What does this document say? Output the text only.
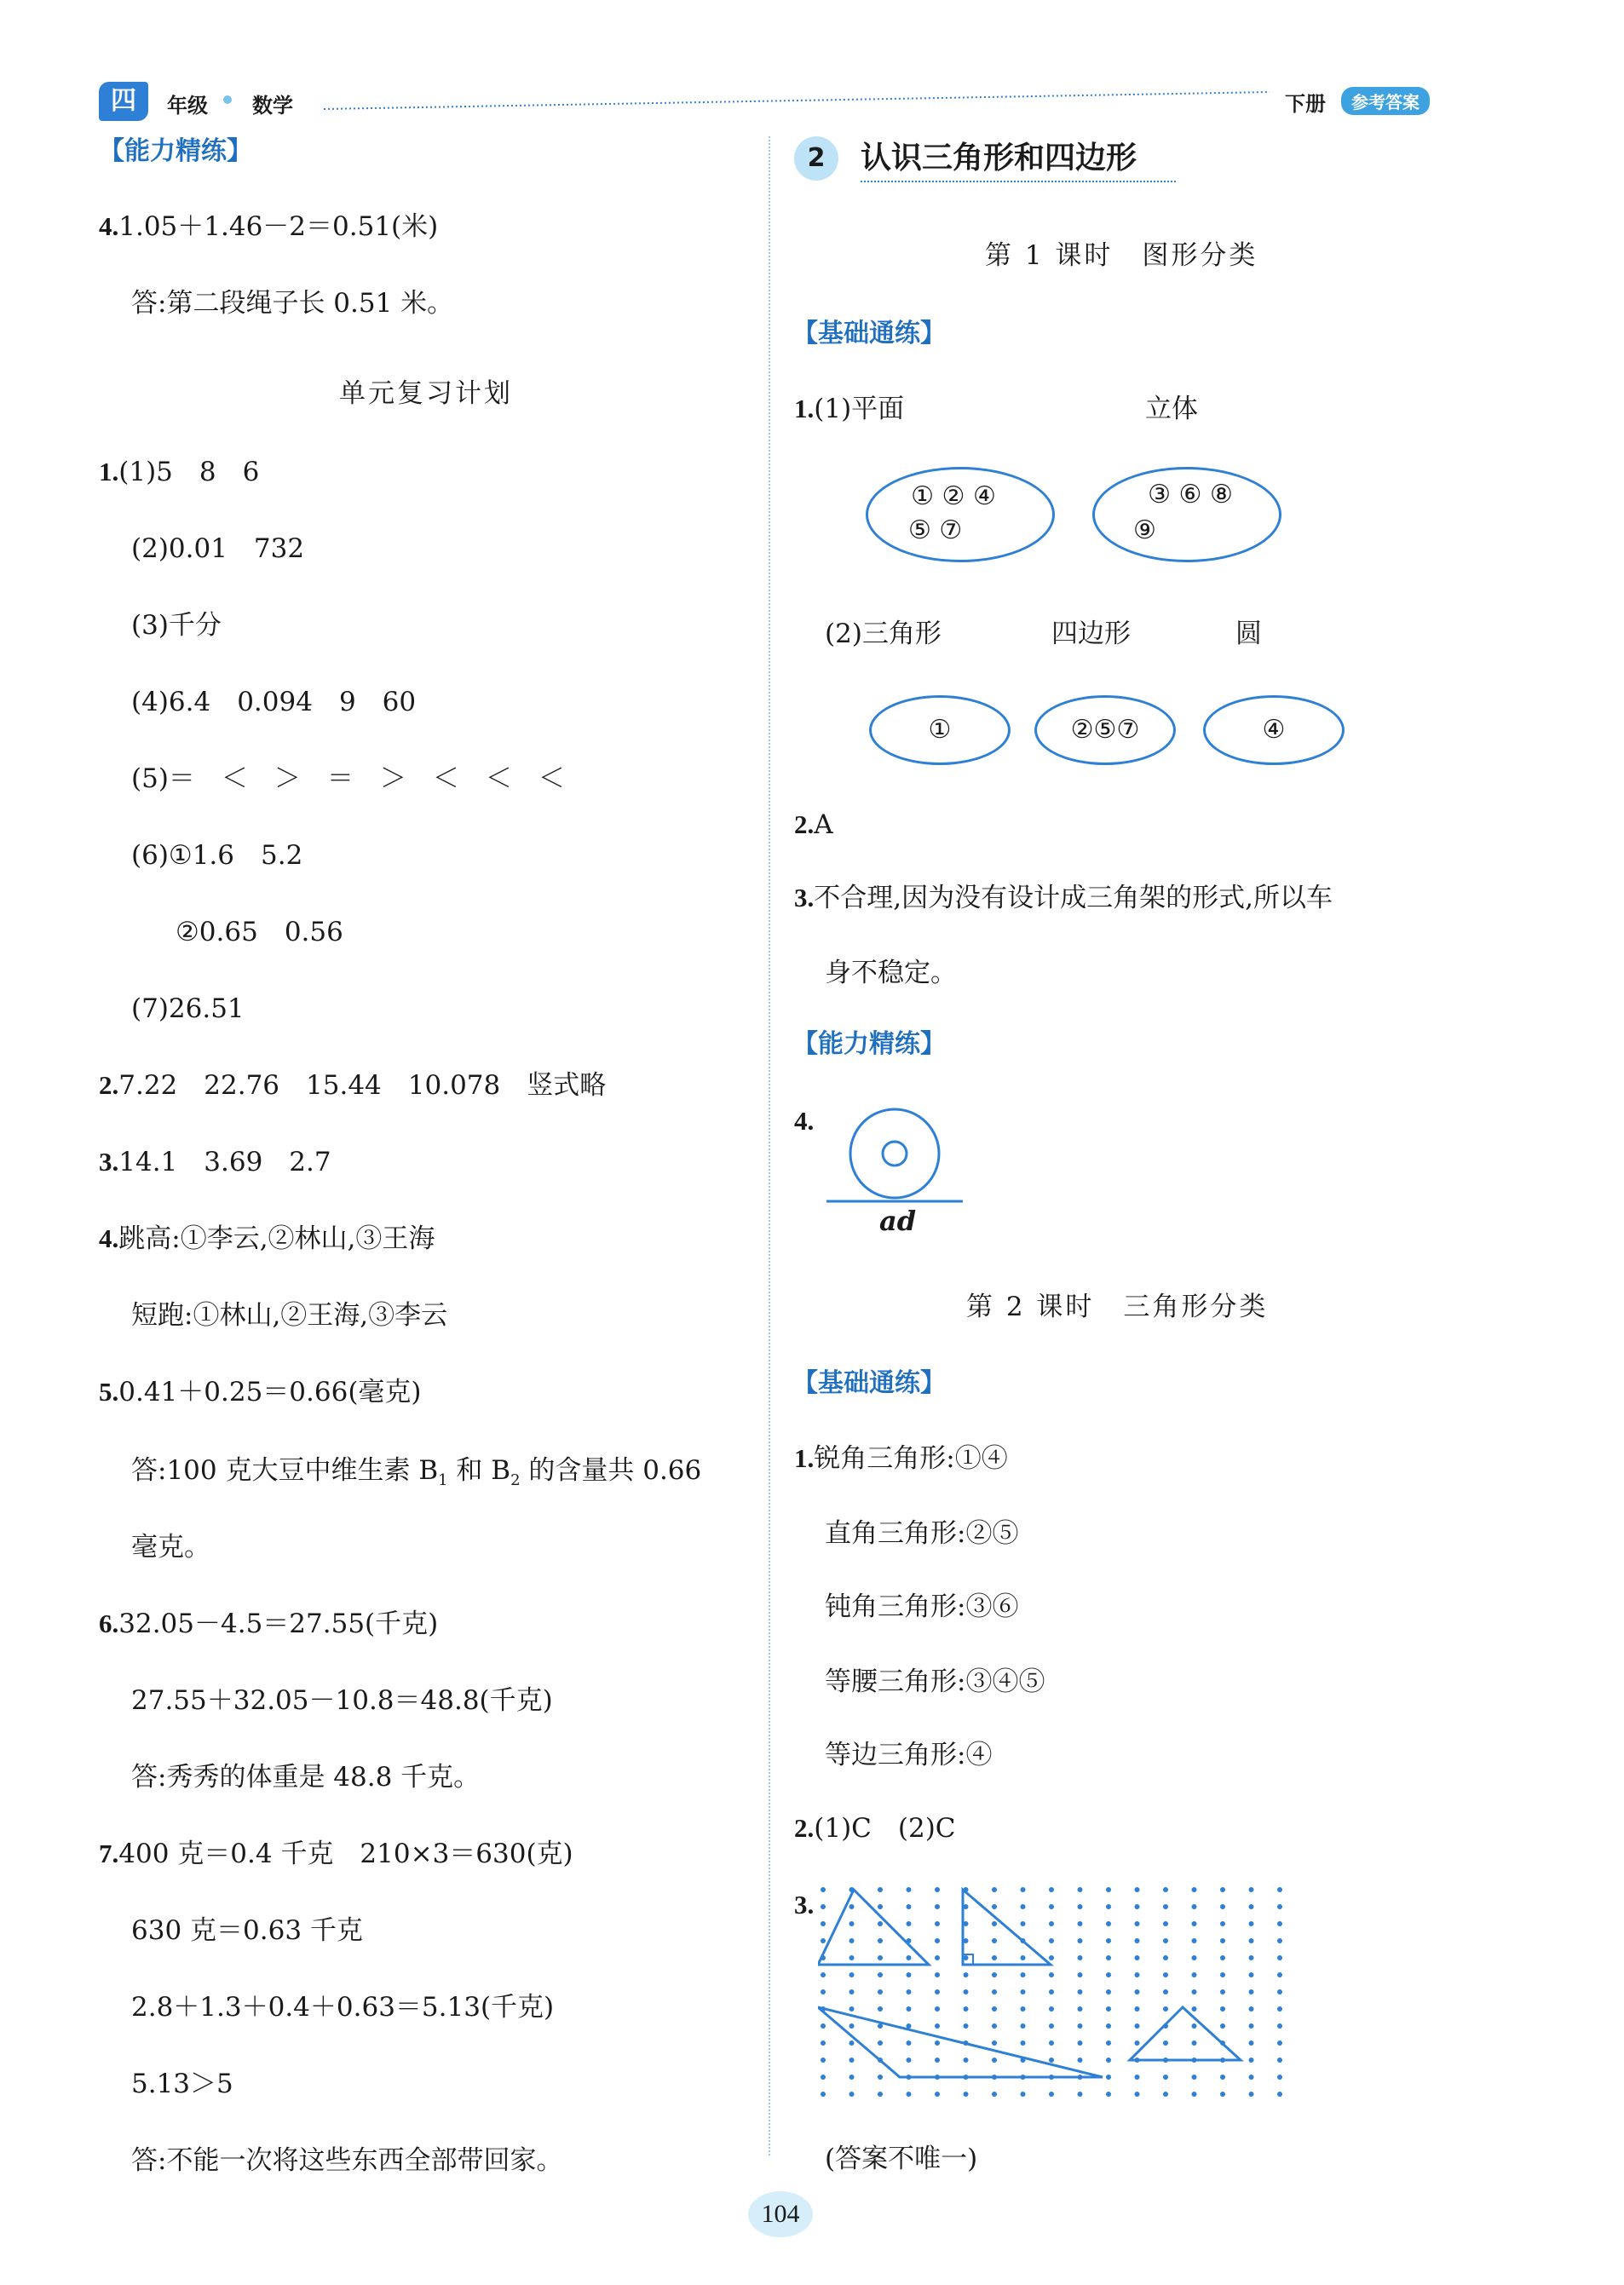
四	年级 数学	下册	参考答案
【能力精练】
4.1.05＋1.46－2＝0.51(米)
答:第二段绳子长 0.51 米。
单元复习计划
1.(1)5　8　6
(2)0.01　732
(3)千分
(4)6.4　0.094　9　60
(5)＝　＜　＞　＝　＞　＜　＜　＜
(6)①1.6　5.2
②0.65　0.56
(7)26.51
2.7.22　22.76　15.44　10.078　竖式略
3.14.1　3.69　2.7
4.跳高:①李云,②林山,③王海
短跑:①林山,②王海,③李云
5.0.41＋0.25＝0.66(毫克)
答:100 克大豆中维生素 $B_1$ 和 $B_2$ 的含量共 0.66
毫克。
6.32.05－4.5＝27.55(千克)
27.55＋32.05－10.8＝48.8(千克)
答:秀秀的体重是 48.8 千克。
7.400 克＝0.4 千克　210×3＝630(克)
630 克＝0.63 千克
2.8＋1.3＋0.4＋0.63＝5.13(千克)
5.13＞5
答:不能一次将这些东西全部带回家。
2	认识三角形和四边形
第 1 课时　图形分类
【基础通练】
1.(1)平面	立体
① ② ④
⑤ ⑦
③ ⑥ ⑧
⑨
(2)三角形	四边形	圆
①	②⑤⑦	④
2.A
3.不合理,因为没有设计成三角架的形式,所以车
身不稳定。
【能力精练】
4.
ad
第 2 课时　三角形分类
【基础通练】
1.锐角三角形:①④
直角三角形:②⑤
钝角三角形:③⑥
等腰三角形:③④⑤
等边三角形:④
2.(1)C　(2)C
3.
(答案不唯一)
104
